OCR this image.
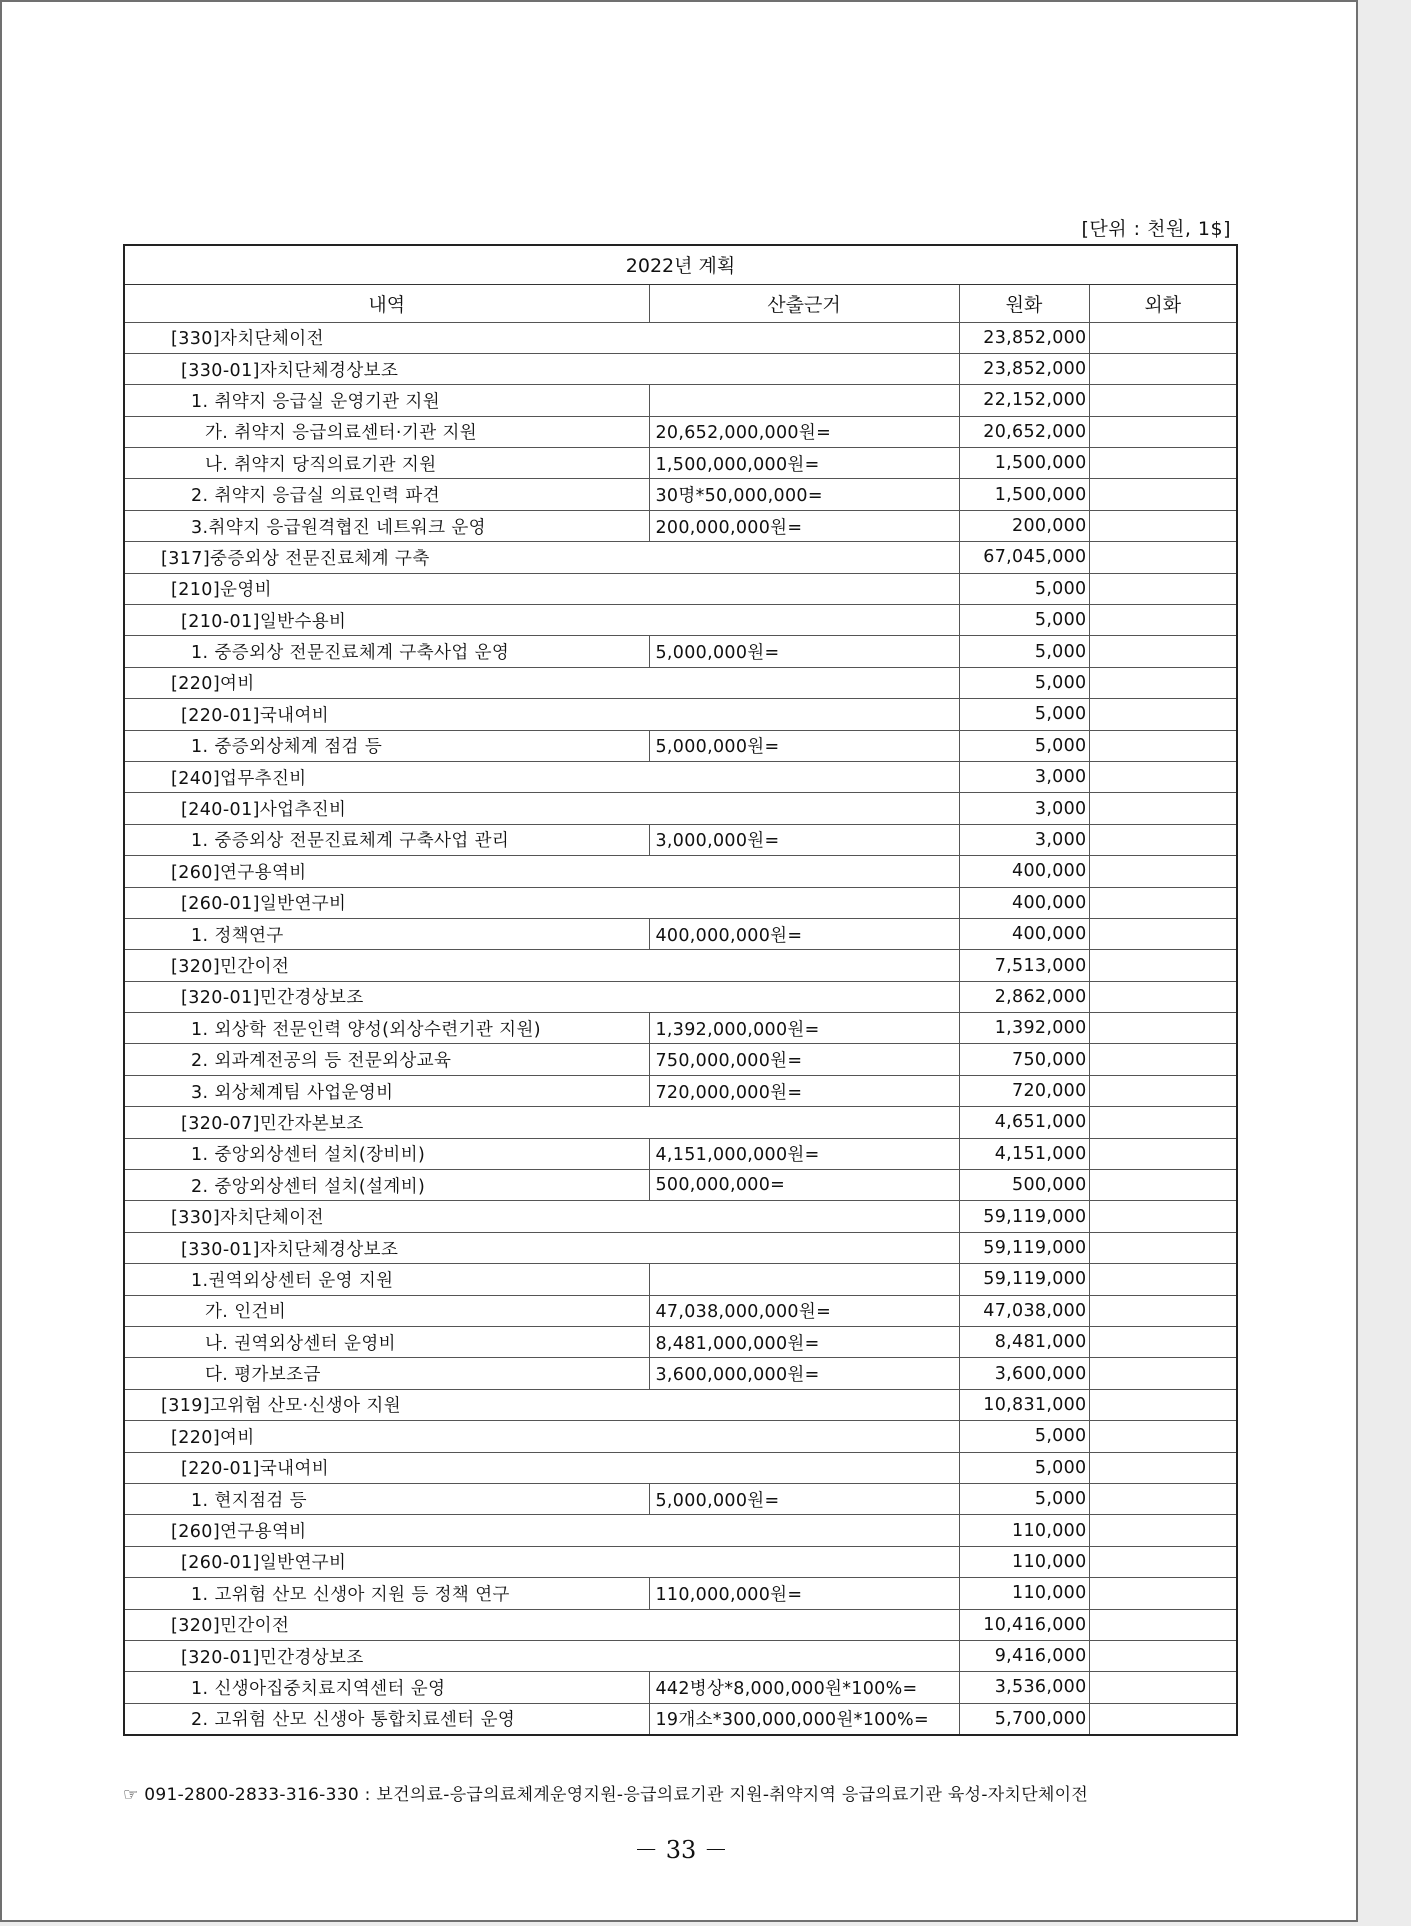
[단위 : 천원, 1$]
2022년 계획			
내역	산출근거	원화	외화
[330]자치단체이전		23,852,000	
[330-01]자치단체경상보조		23,852,000	
1. 취약지 응급실 운영기관 지원		22,152,000	
가. 취약지 응급의료센터·기관 지원	20,652,000,000원=	20,652,000	
나. 취약지 당직의료기관 지원	1,500,000,000원=	1,500,000	
2. 취약지 응급실 의료인력 파견	30명*50,000,000=	1,500,000	
3.취약지 응급원격협진 네트워크 운영	200,000,000원=	200,000	
[317]중증외상 전문진료체계 구축		67,045,000	
[210]운영비		5,000	
[210-01]일반수용비		5,000	
1. 중증외상 전문진료체계 구축사업 운영	5,000,000원=	5,000	
[220]여비		5,000	
[220-01]국내여비		5,000	
1. 중증외상체계 점검 등	5,000,000원=	5,000	
[240]업무추진비		3,000	
[240-01]사업추진비		3,000	
1. 중증외상 전문진료체계 구축사업 관리	3,000,000원=	3,000	
[260]연구용역비		400,000	
[260-01]일반연구비		400,000	
1. 정책연구	400,000,000원=	400,000	
[320]민간이전		7,513,000	
[320-01]민간경상보조		2,862,000	
1. 외상학 전문인력 양성(외상수련기관 지원)	1,392,000,000원=	1,392,000	
2. 외과계전공의 등 전문외상교육	750,000,000원=	750,000	
3. 외상체계팀 사업운영비	720,000,000원=	720,000	
[320-07]민간자본보조		4,651,000	
1. 중앙외상센터 설치(장비비)	4,151,000,000원=	4,151,000	
2. 중앙외상센터 설치(설계비)	500,000,000=	500,000	
[330]자치단체이전		59,119,000	
[330-01]자치단체경상보조		59,119,000	
1.권역외상센터 운영 지원		59,119,000	
가. 인건비	47,038,000,000원=	47,038,000	
나. 권역외상센터 운영비	8,481,000,000원=	8,481,000	
다. 평가보조금	3,600,000,000원=	3,600,000	
[319]고위험 산모·신생아 지원		10,831,000	
[220]여비		5,000	
[220-01]국내여비		5,000	
1. 현지점검 등	5,000,000원=	5,000	
[260]연구용역비		110,000	
[260-01]일반연구비		110,000	
1. 고위험 산모 신생아 지원 등 정책 연구	110,000,000원=	110,000	
[320]민간이전		10,416,000	
[320-01]민간경상보조		9,416,000	
1. 신생아집중치료지역센터 운영	442병상*8,000,000원*100%=	3,536,000	
2. 고위험 산모 신생아 통합치료센터 운영	19개소*300,000,000원*100%=	5,700,000	
☞ 091-2800-2833-316-330 : 보건의료-응급의료체계운영지원-응급의료기관 지원-취약지역 응급의료기관 육성-자치단체이전
－ 33 －
